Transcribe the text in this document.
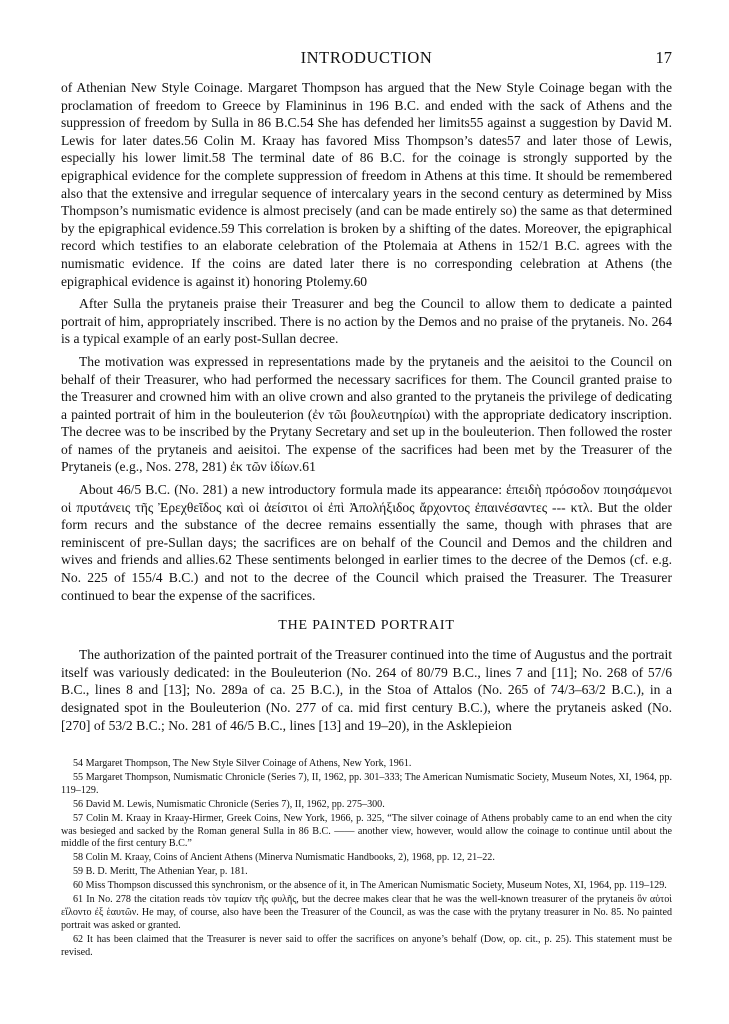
INTRODUCTION	17

of Athenian New Style Coinage. Margaret Thompson has argued that the New Style Coinage began with the proclamation of freedom to Greece by Flamininus in 196 B.C. and ended with the sack of Athens and the suppression of freedom by Sulla in 86 B.C.54 She has defended her limits55 against a suggestion by David M. Lewis for later dates.56 Colin M. Kraay has favored Miss Thompson’s dates57 and later those of Lewis, especially his lower limit.58 The terminal date of 86 B.C. for the coinage is strongly supported by the epigraphical evidence for the complete suppression of freedom in Athens at this time. It should be remembered also that the extensive and irregular sequence of intercalary years in the second century as determined by Miss Thompson’s numismatic evidence is almost precisely (and can be made entirely so) the same as that determined by the epigraphical evidence.59 This correlation is broken by a shifting of the dates. Moreover, the epigraphical record which testifies to an elaborate celebration of the Ptolemaia at Athens in 152/1 B.C. agrees with the numismatic evidence. If the coins are dated later there is no corresponding celebration at Athens (the epigraphical evidence is against it) honoring Ptolemy.60

After Sulla the prytaneis praise their Treasurer and beg the Council to allow them to dedicate a painted portrait of him, appropriately inscribed. There is no action by the Demos and no praise of the prytaneis. No. 264 is a typical example of an early post-Sullan decree.

The motivation was expressed in representations made by the prytaneis and the aeisitoi to the Council on behalf of their Treasurer, who had performed the necessary sacrifices for them. The Council granted praise to the Treasurer and crowned him with an olive crown and also granted to the prytaneis the privilege of dedicating a painted portrait of him in the bouleuterion (ἐν τῶι βουλευτηρίωι) with the appropriate dedicatory inscription. The decree was to be inscribed by the Prytany Secretary and set up in the bouleuterion. Then followed the roster of names of the prytaneis and aeisitoi. The expense of the sacrifices had been met by the Treasurer of the Prytaneis (e.g., Nos. 278, 281) ἐκ τῶν ἰδίων.61

About 46/5 B.C. (No. 281) a new introductory formula made its appearance: ἐπειδὴ πρόσοδον ποιησάμενοι οἱ πρυτάνεις τῆς Ἐρεχθεῖδος καὶ οἱ ἀείσιτοι οἱ ἐπὶ Ἀπολήξιδος ἄρχοντος ἐπαινέσαντες --- κτλ. But the older form recurs and the substance of the decree remains essentially the same, though with phrases that are reminiscent of pre-Sullan days; the sacrifices are on behalf of the Council and Demos and the children and wives and friends and allies.62 These sentiments belonged in earlier times to the decree of the Demos (cf. e.g. No. 225 of 155/4 B.C.) and not to the decree of the Council which praised the Treasurer. The Treasurer continued to bear the expense of the sacrifices.

THE PAINTED PORTRAIT

The authorization of the painted portrait of the Treasurer continued into the time of Augustus and the portrait itself was variously dedicated: in the Bouleuterion (No. 264 of 80/79 B.C., lines 7 and [11]; No. 268 of 57/6 B.C., lines 8 and [13]; No. 289a of ca. 25 B.C.), in the Stoa of Attalos (No. 265 of 74/3–63/2 B.C.), in a designated spot in the Bouleuterion (No. 277 of ca. mid first century B.C.), where the prytaneis asked (No. [270] of 53/2 B.C.; No. 281 of 46/5 B.C., lines [13] and 19–20), in the Asklepieion

54 Margaret Thompson, The New Style Silver Coinage of Athens, New York, 1961.

55 Margaret Thompson, Numismatic Chronicle (Series 7), II, 1962, pp. 301–333; The American Numismatic Society, Museum Notes, XI, 1964, pp. 119–129.

56 David M. Lewis, Numismatic Chronicle (Series 7), II, 1962, pp. 275–300.

57 Colin M. Kraay in Kraay-Hirmer, Greek Coins, New York, 1966, p. 325, “The silver coinage of Athens probably came to an end when the city was besieged and sacked by the Roman general Sulla in 86 B.C. —— another view, however, would allow the coinage to continue until about the middle of the first century B.C.”

58 Colin M. Kraay, Coins of Ancient Athens (Minerva Numismatic Handbooks, 2), 1968, pp. 12, 21–22.

59 B. D. Meritt, The Athenian Year, p. 181.

60 Miss Thompson discussed this synchronism, or the absence of it, in The American Numismatic Society, Museum Notes, XI, 1964, pp. 119–129.

61 In No. 278 the citation reads τὸν ταμίαν τῆς φυλῆς, but the decree makes clear that he was the well-known treasurer of the prytaneis ὃν αὐτοὶ εἵλοντο ἐξ ἑαυτῶν. He may, of course, also have been the Treasurer of the Council, as was the case with the prytany treasurer in No. 85. No painted portrait was asked or granted.

62 It has been claimed that the Treasurer is never said to offer the sacrifices on anyone’s behalf (Dow, op. cit., p. 25). This statement must be revised.
